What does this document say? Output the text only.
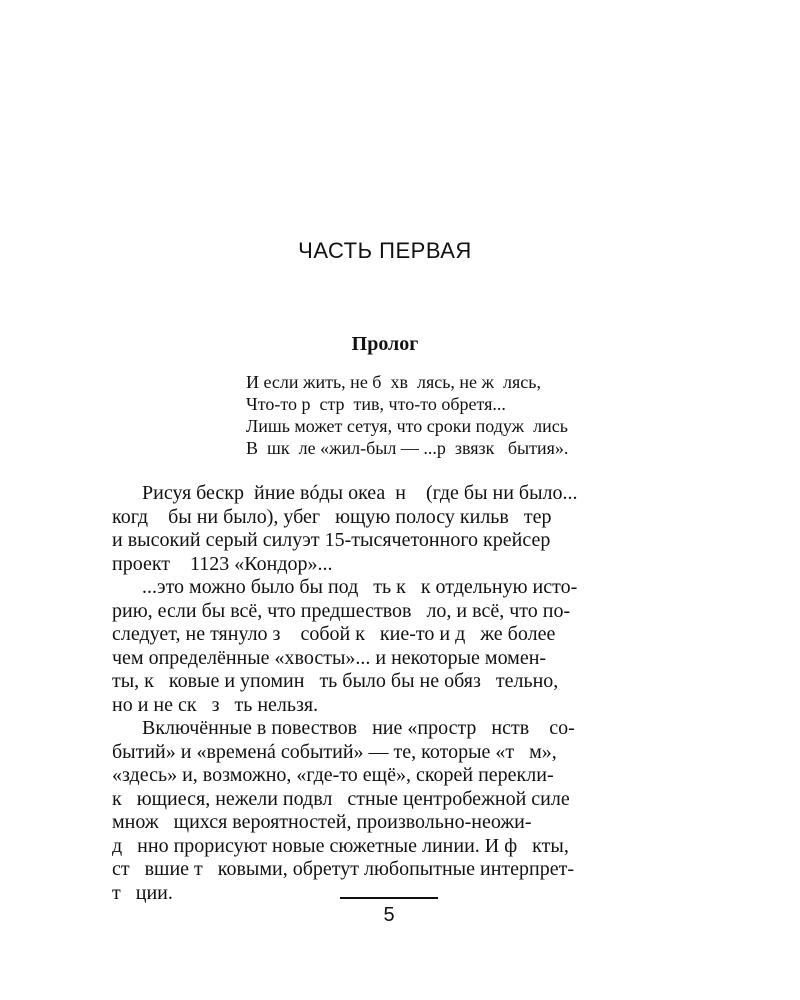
ЧАСТЬ ПЕРВАЯ
Пролог
И если жить, не б  хв  лясь, не ж  лясь,
Что-то р  стр  тив, что-то обретя...
Лишь может сетуя, что сроки подуж  лись
В  шк  ле «жил-был — ...р  звязк   бытия».
Рисуя бескр  йние вóды океа  н    (где бы ни было...
когд    бы ни было), убег   ющую полосу кильв   тер
и высокий серый силуэт 15-тысячетонного крейсер
проект    1123 «Кондор»...
...это можно было бы под   ть к   к отдельную исто-
рию, если бы всё, что предшествов   ло, и всё, что по-
следует, не тянуло з    собой к   кие-то и д   же более
чем определённые «хвосты»... и некоторые момен-
ты, к   ковые и упомин   ть было бы не обяз   тельно,
но и не ск   з   ть нельзя.
Включённые в повествов   ние «простр   нств    со-
бытий» и «временá событий» — те, которые «т   м»,
«здесь» и, возможно, «где-то ещё», скорей перекли-
к   ющиеся, нежели подвл   стные центробежной силе
множ   щихся вероятностей, произвольно-неожи-
д   нно прорисуют новые сюжетные линии. И ф   кты,
ст   вшие т   ковыми, обретут любопытные интерпрет-
т   ции.
5
